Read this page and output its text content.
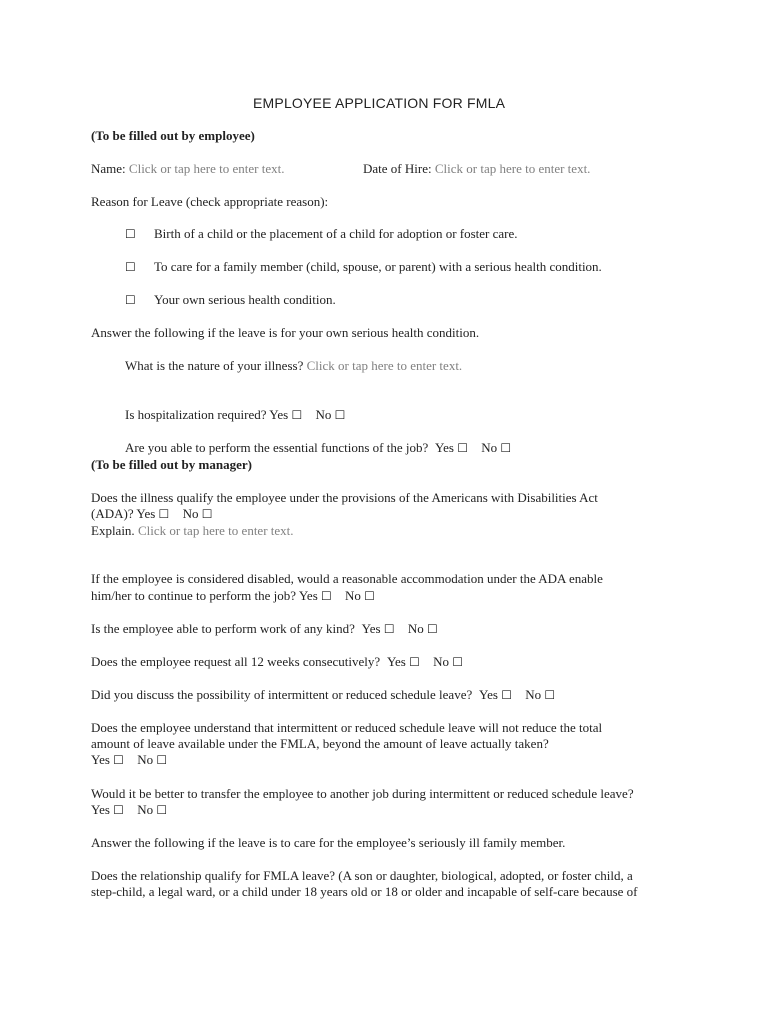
EMPLOYEE APPLICATION FOR FMLA
(To be filled out by employee)
Name: Click or tap here to enter text.	Date of Hire: Click or tap here to enter text.
Reason for Leave (check appropriate reason):
☐ Birth of a child or the placement of a child for adoption or foster care.
☐ To care for a family member (child, spouse, or parent) with a serious health condition.
☐ Your own serious health condition.
Answer the following if the leave is for your own serious health condition.
What is the nature of your illness? Click or tap here to enter text.
Is hospitalization required? Yes ☐ No ☐
Are you able to perform the essential functions of the job? Yes ☐ No ☐
(To be filled out by manager)
Does the illness qualify the employee under the provisions of the Americans with Disabilities Act
(ADA)? Yes ☐ No ☐
Explain. Click or tap here to enter text.
If the employee is considered disabled, would a reasonable accommodation under the ADA enable
him/her to continue to perform the job? Yes ☐ No ☐
Is the employee able to perform work of any kind? Yes ☐ No ☐
Does the employee request all 12 weeks consecutively? Yes ☐ No ☐
Did you discuss the possibility of intermittent or reduced schedule leave? Yes ☐ No ☐
Does the employee understand that intermittent or reduced schedule leave will not reduce the total
amount of leave available under the FMLA, beyond the amount of leave actually taken?
Yes ☐ No ☐
Would it be better to transfer the employee to another job during intermittent or reduced schedule leave?
Yes ☐ No ☐
Answer the following if the leave is to care for the employee’s seriously ill family member.
Does the relationship qualify for FMLA leave? (A son or daughter, biological, adopted, or foster child, a
step-child, a legal ward, or a child under 18 years old or 18 or older and incapable of self-care because of
